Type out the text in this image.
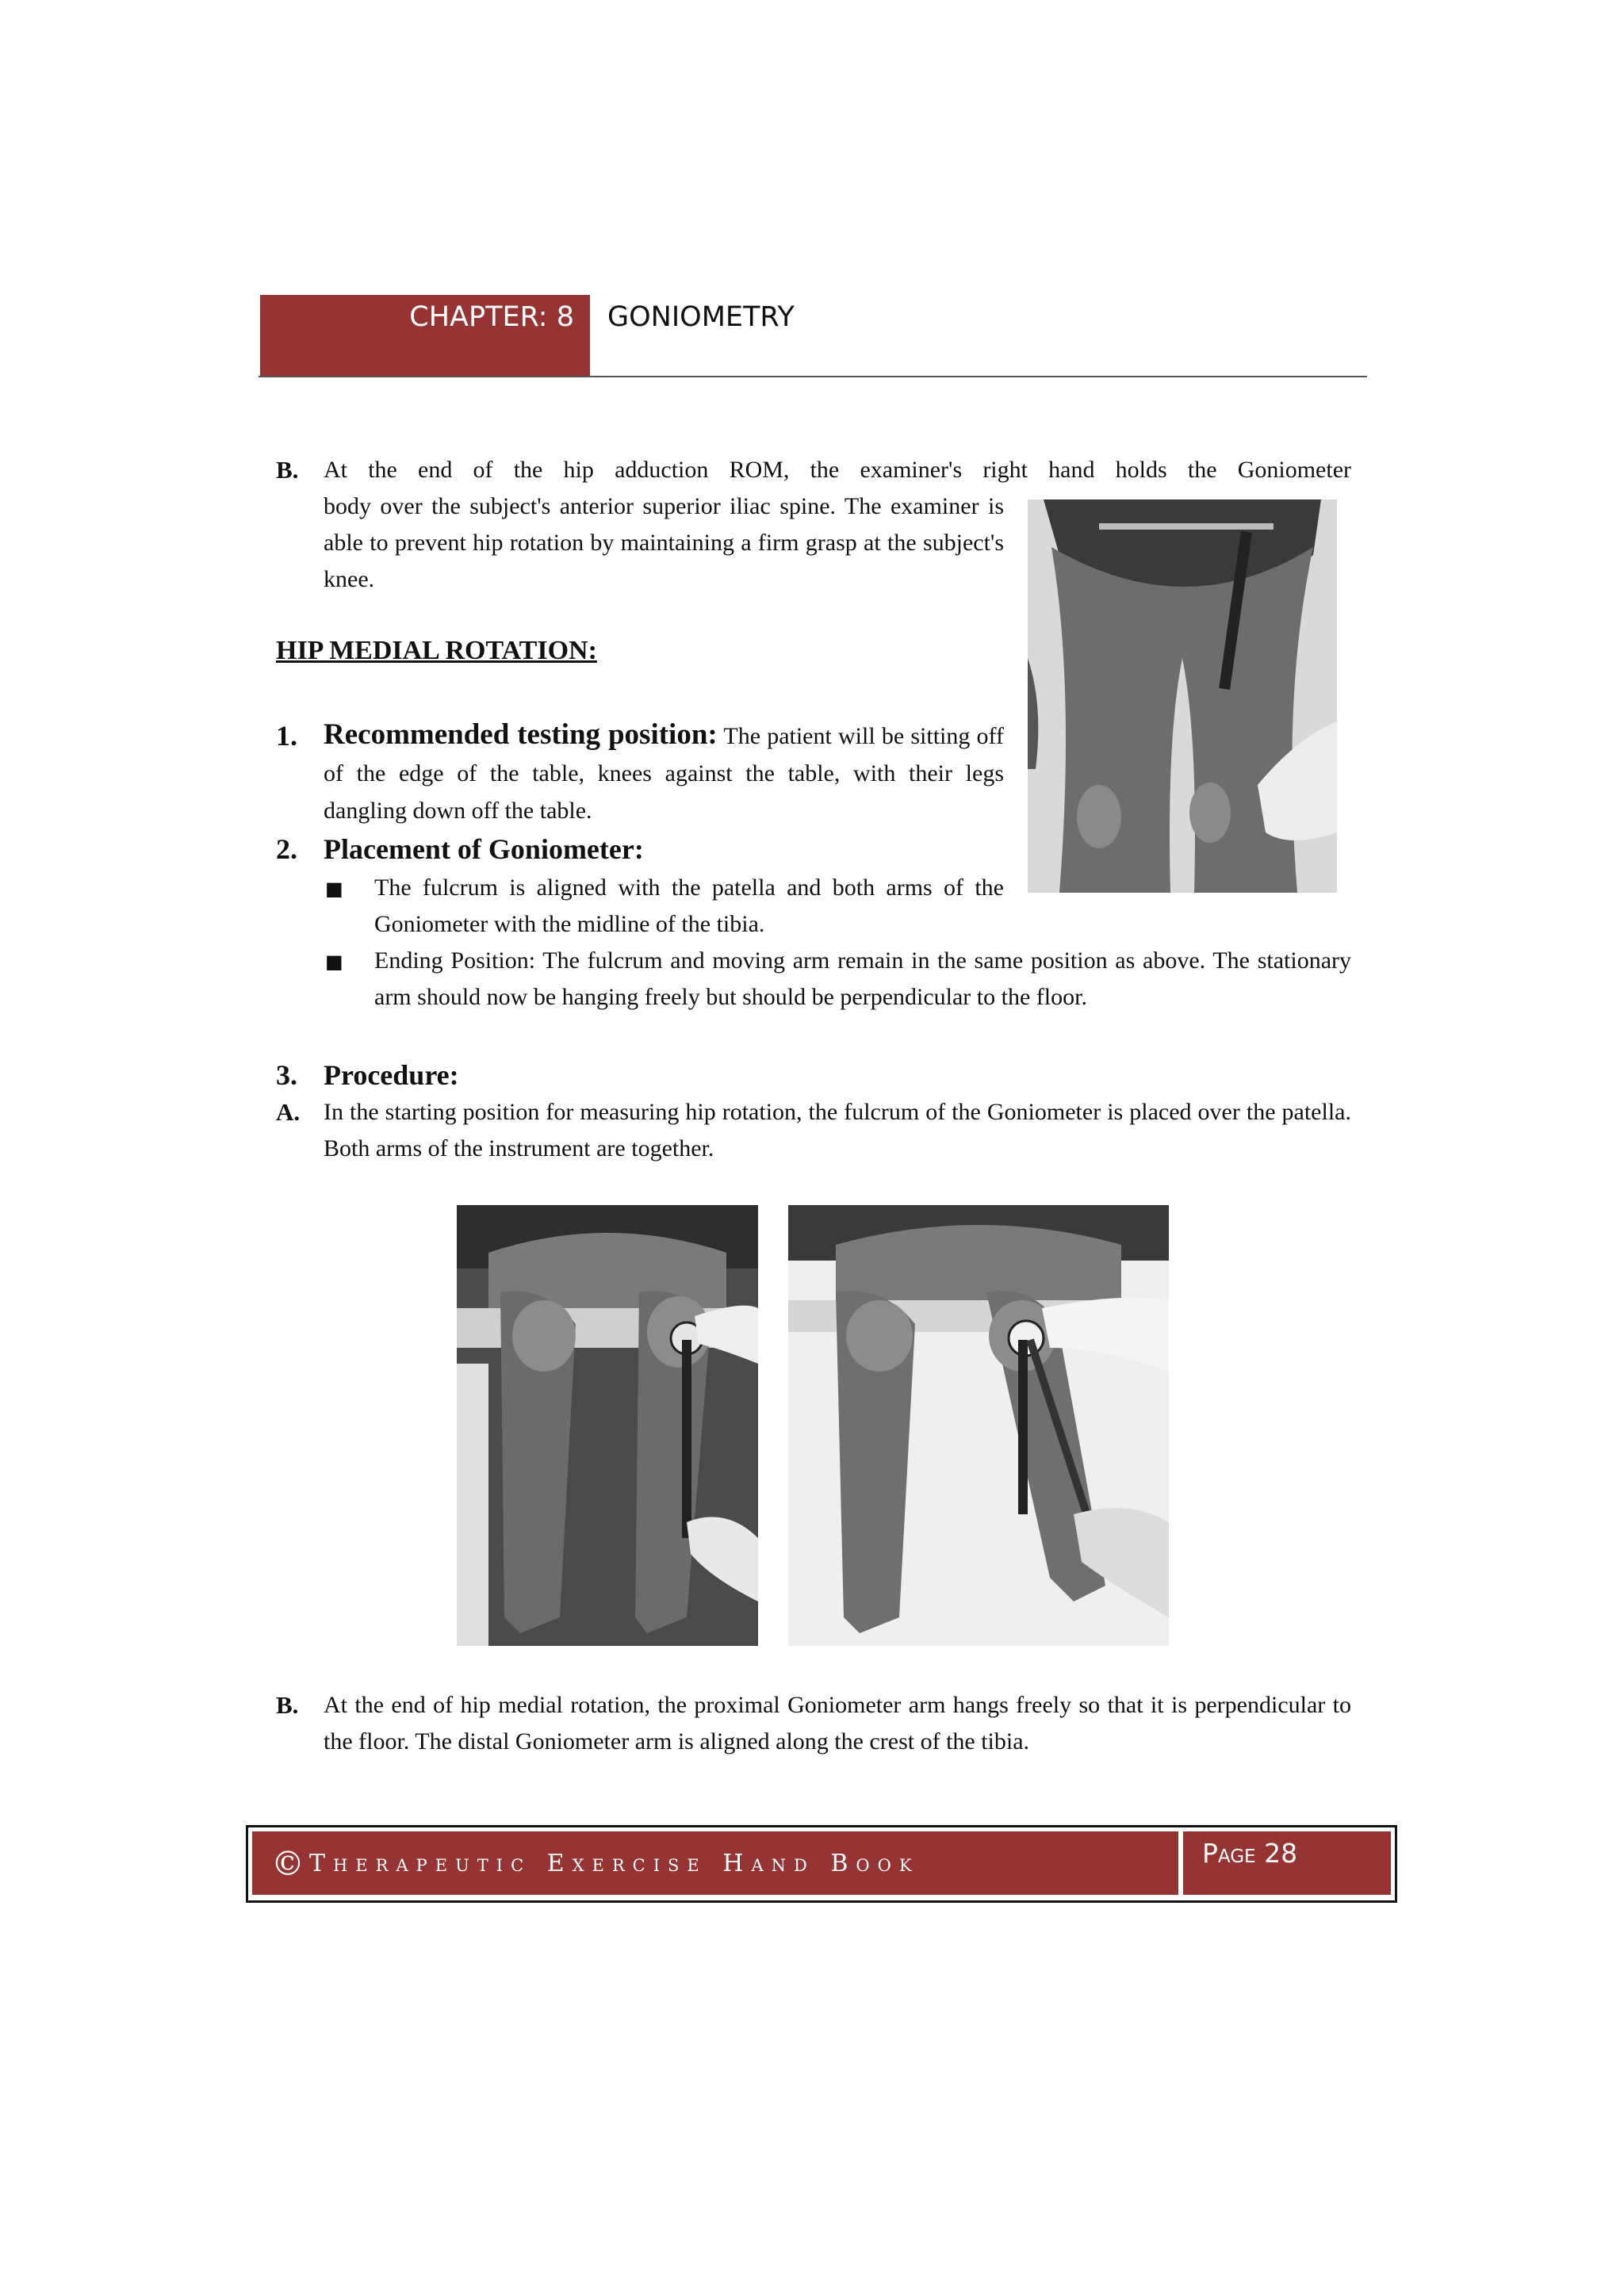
CHAPTER: 8 GONIOMETRY
B. At the end of the hip adduction ROM, the examiner's right hand holds the Goniometer
body over the subject's anterior superior iliac spine. The examiner is able to prevent hip rotation by maintaining a firm grasp at the subject's knee.
HIP MEDIAL ROTATION:
1. Recommended testing position: The patient will be sitting off of the edge of the table, knees against the table, with their legs dangling down off the table.
2. Placement of Goniometer:
■ The fulcrum is aligned with the patella and both arms of the Goniometer with the midline of the tibia.
■ Ending Position: The fulcrum and moving arm remain in the same position as above. The stationary arm should now be hanging freely but should be perpendicular to the floor.
3. Procedure:
A. In the starting position for measuring hip rotation, the fulcrum of the Goniometer is placed over the patella. Both arms of the instrument are together.
B. At the end of hip medial rotation, the proximal Goniometer arm hangs freely so that it is perpendicular to the floor. The distal Goniometer arm is aligned along the crest of the tibia.
© Therapeutic Exercise Hand Book	Page 28
